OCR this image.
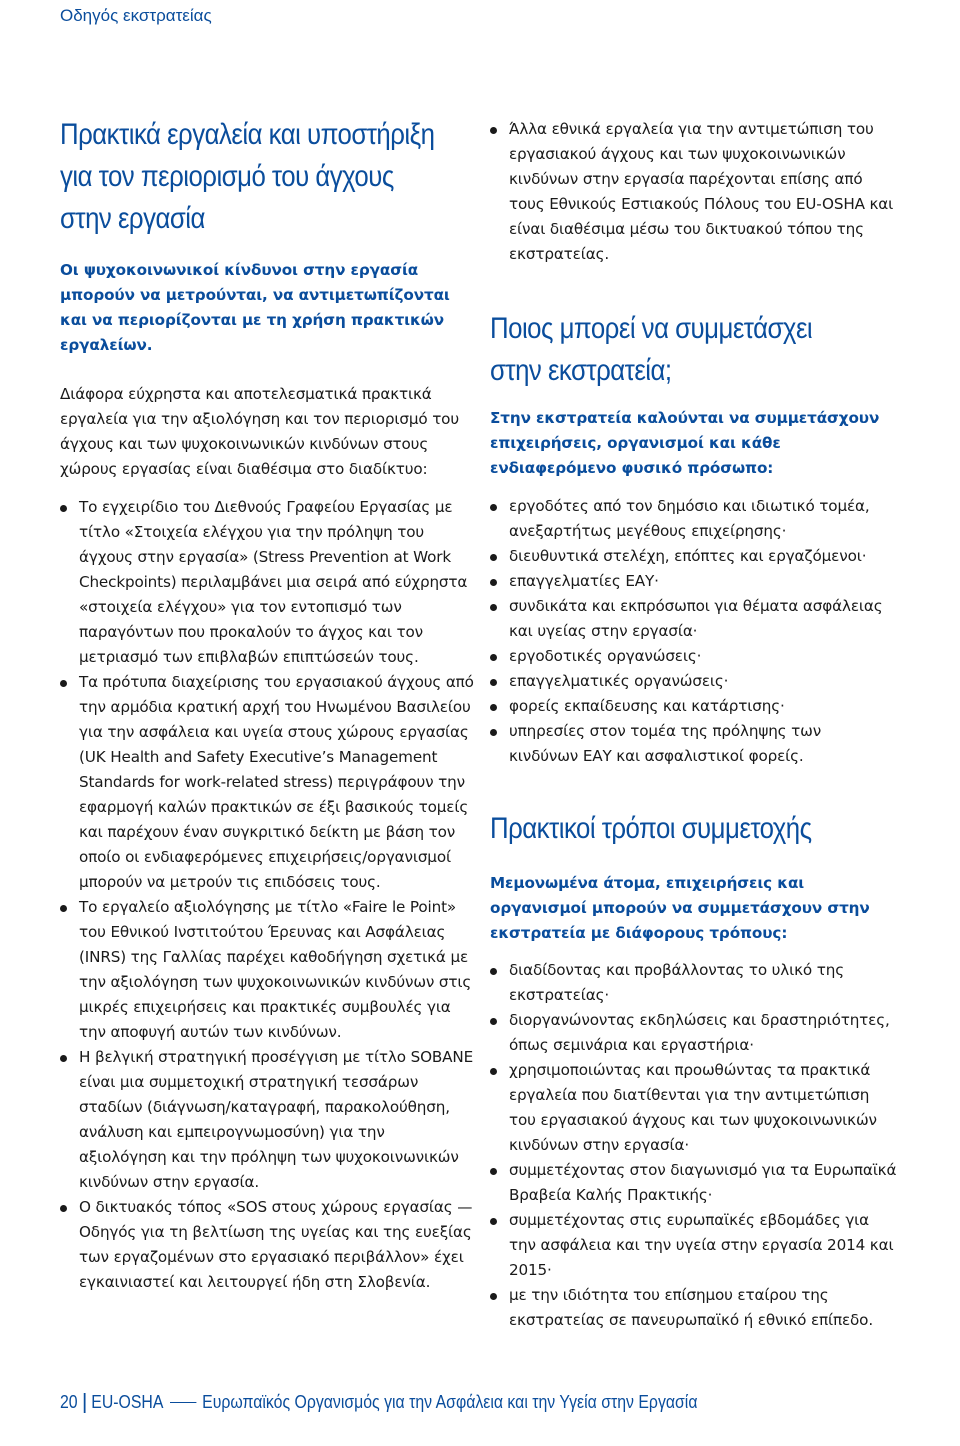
Οδηγός εκστρατείας
Πρακτικά εργαλεία και υποστήριξη
για τον περιορισμό του άγχους
στην εργασία

Οι ψυχοκοινωνικοί κίνδυνοι στην εργασία μπορούν να μετρούνται, να αντιμετωπίζονται και να περιορίζονται με τη χρήση πρακτικών εργαλείων.

Διάφορα εύχρηστα και αποτελεσματικά πρακτικά εργαλεία για την αξιολόγηση και τον περιορισμό του άγχους και των ψυχοκοινωνικών κινδύνων στους χώρους εργασίας είναι διαθέσιμα στο διαδίκτυο:

Το εγχειρίδιο του Διεθνούς Γραφείου Εργασίας με τίτλο «Στοιχεία ελέγχου για την πρόληψη του άγχους στην εργασία» (Stress Prevention at Work Checkpoints) περιλαμβάνει μια σειρά από εύχρηστα «στοιχεία ελέγχου» για τον εντοπισμό των παραγόντων που προκαλούν το άγχος και τον μετριασμό των επιβλαβών επιπτώσεών τους.
Τα πρότυπα διαχείρισης του εργασιακού άγχους από την αρμόδια κρατική αρχή του Ηνωμένου Βασιλείου για την ασφάλεια και υγεία στους χώρους εργασίας (UK Health and Safety Executive’s Management Standards for work-related stress) περιγράφουν την εφαρμογή καλών πρακτικών σε έξι βασικούς τομείς και παρέχουν έναν συγκριτικό δείκτη με βάση τον οποίο οι ενδιαφερόμενες επιχειρήσεις/οργανισμοί μπορούν να μετρούν τις επιδόσεις τους.
Το εργαλείο αξιολόγησης με τίτλο «Faire le Point» του Εθνικού Ινστιτούτου Έρευνας και Ασφάλειας (INRS) της Γαλλίας παρέχει καθοδήγηση σχετικά με την αξιολόγηση των ψυχοκοινωνικών κινδύνων στις μικρές επιχειρήσεις και πρακτικές συμβουλές για την αποφυγή αυτών των κινδύνων.
Η βελγική στρατηγική προσέγγιση με τίτλο SOBANE είναι μια συμμετοχική στρατηγική τεσσάρων σταδίων (διάγνωση/καταγραφή, παρακολούθηση, ανάλυση και εμπειρογνωμοσύνη) για την αξιολόγηση και την πρόληψη των ψυχοκοινωνικών κινδύνων στην εργασία.
Ο δικτυακός τόπος «SOS στους χώρους εργασίας — Οδηγός για τη βελτίωση της υγείας και της ευεξίας των εργαζομένων στο εργασιακό περιβάλλον» έχει εγκαινιαστεί και λειτουργεί ήδη στη Σλοβενία.
Άλλα εθνικά εργαλεία για την αντιμετώπιση του εργασιακού άγχους και των ψυχοκοινωνικών κινδύνων στην εργασία παρέχονται επίσης από τους Εθνικούς Εστιακούς Πόλους του EU-OSHA και είναι διαθέσιμα μέσω του δικτυακού τόπου της εκστρατείας.
Ποιος μπορεί να συμμετάσχει
στην εκστρατεία;

Στην εκστρατεία καλούνται να συμμετάσχουν επιχειρήσεις, οργανισμοί και κάθε ενδιαφερόμενο φυσικό πρόσωπο:

εργοδότες από τον δημόσιο και ιδιωτικό τομέα, ανεξαρτήτως μεγέθους επιχείρησης·
διευθυντικά στελέχη, επόπτες και εργαζόμενοι·
επαγγελματίες ΕΑΥ·
συνδικάτα και εκπρόσωποι για θέματα ασφάλειας και υγείας στην εργασία·
εργοδοτικές οργανώσεις·
επαγγελματικές οργανώσεις·
φορείς εκπαίδευσης και κατάρτισης·
υπηρεσίες στον τομέα της πρόληψης των κινδύνων ΕΑΥ και ασφαλιστικοί φορείς.
Πρακτικοί τρόποι συμμετοχής

Μεμονωμένα άτομα, επιχειρήσεις και οργανισμοί μπορούν να συμμετάσχουν στην εκστρατεία με διάφορους τρόπους:

διαδίδοντας και προβάλλοντας το υλικό της εκστρατείας·
διοργανώνοντας εκδηλώσεις και δραστηριότητες, όπως σεμινάρια και εργαστήρια·
χρησιμοποιώντας και προωθώντας τα πρακτικά εργαλεία που διατίθενται για την αντιμετώπιση του εργασιακού άγχους και των ψυχοκοινωνικών κινδύνων στην εργασία·
συμμετέχοντας στον διαγωνισμό για τα Ευρωπαϊκά Βραβεία Καλής Πρακτικής·
συμμετέχοντας στις ευρωπαϊκές εβδομάδες για την ασφάλεια και την υγεία στην εργασία 2014 και 2015·
με την ιδιότητα του επίσημου εταίρου της εκστρατείας σε πανευρωπαϊκό ή εθνικό επίπεδο.
20 EU-OSHA Ευρωπαϊκός Οργανισμός για την Ασφάλεια και την Υγεία στην Εργασία
